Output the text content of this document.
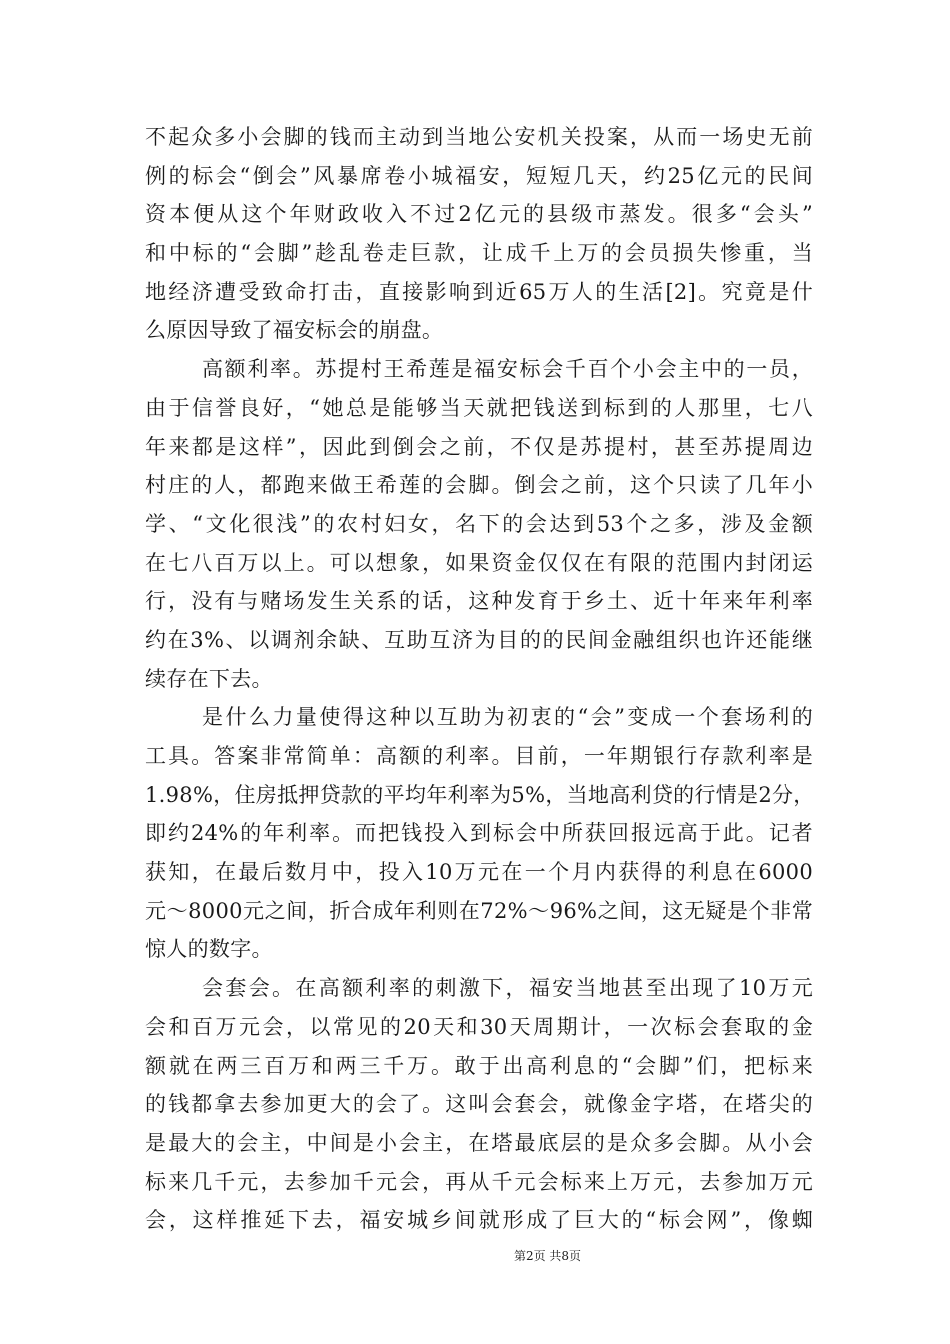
不起众多小会脚的钱而主动到当地公安机关投案，从而一场史无前
例的标会“倒会”风暴席卷小城福安，短短几天，约25亿元的民间
资本便从这个年财政收入不过2亿元的县级市蒸发。很多“会头”
和中标的“会脚”趁乱卷走巨款，让成千上万的会员损失惨重，当
地经济遭受致命打击，直接影响到近65万人的生活[2]。究竟是什
么原因导致了福安标会的崩盘。
高额利率。苏提村王希莲是福安标会千百个小会主中的一员，
由于信誉良好，“她总是能够当天就把钱送到标到的人那里，七八
年来都是这样”，因此到倒会之前，不仅是苏提村，甚至苏提周边
村庄的人，都跑来做王希莲的会脚。倒会之前，这个只读了几年小
学、“文化很浅”的农村妇女，名下的会达到53个之多，涉及金额
在七八百万以上。可以想象，如果资金仅仅在有限的范围内封闭运
行，没有与赌场发生关系的话，这种发育于乡土、近十年来年利率
约在3%、以调剂余缺、互助互济为目的的民间金融组织也许还能继
续存在下去。
是什么力量使得这种以互助为初衷的“会”变成一个套场利的
工具。答案非常简单：高额的利率。目前，一年期银行存款利率是
1.98%，住房抵押贷款的平均年利率为5%，当地高利贷的行情是2分，
即约24%的年利率。而把钱投入到标会中所获回报远高于此。记者
获知，在最后数月中，投入10万元在一个月内获得的利息在6000
元～8000元之间，折合成年利则在72%～96%之间，这无疑是个非常
惊人的数字。
会套会。在高额利率的刺激下，福安当地甚至出现了10万元
会和百万元会，以常见的20天和30天周期计，一次标会套取的金
额就在两三百万和两三千万。敢于出高利息的“会脚”们，把标来
的钱都拿去参加更大的会了。这叫会套会，就像金字塔，在塔尖的
是最大的会主，中间是小会主，在塔最底层的是众多会脚。从小会
标来几千元，去参加千元会，再从千元会标来上万元，去参加万元
会，这样推延下去，福安城乡间就形成了巨大的“标会网”，像蜘
第2页 共8页
